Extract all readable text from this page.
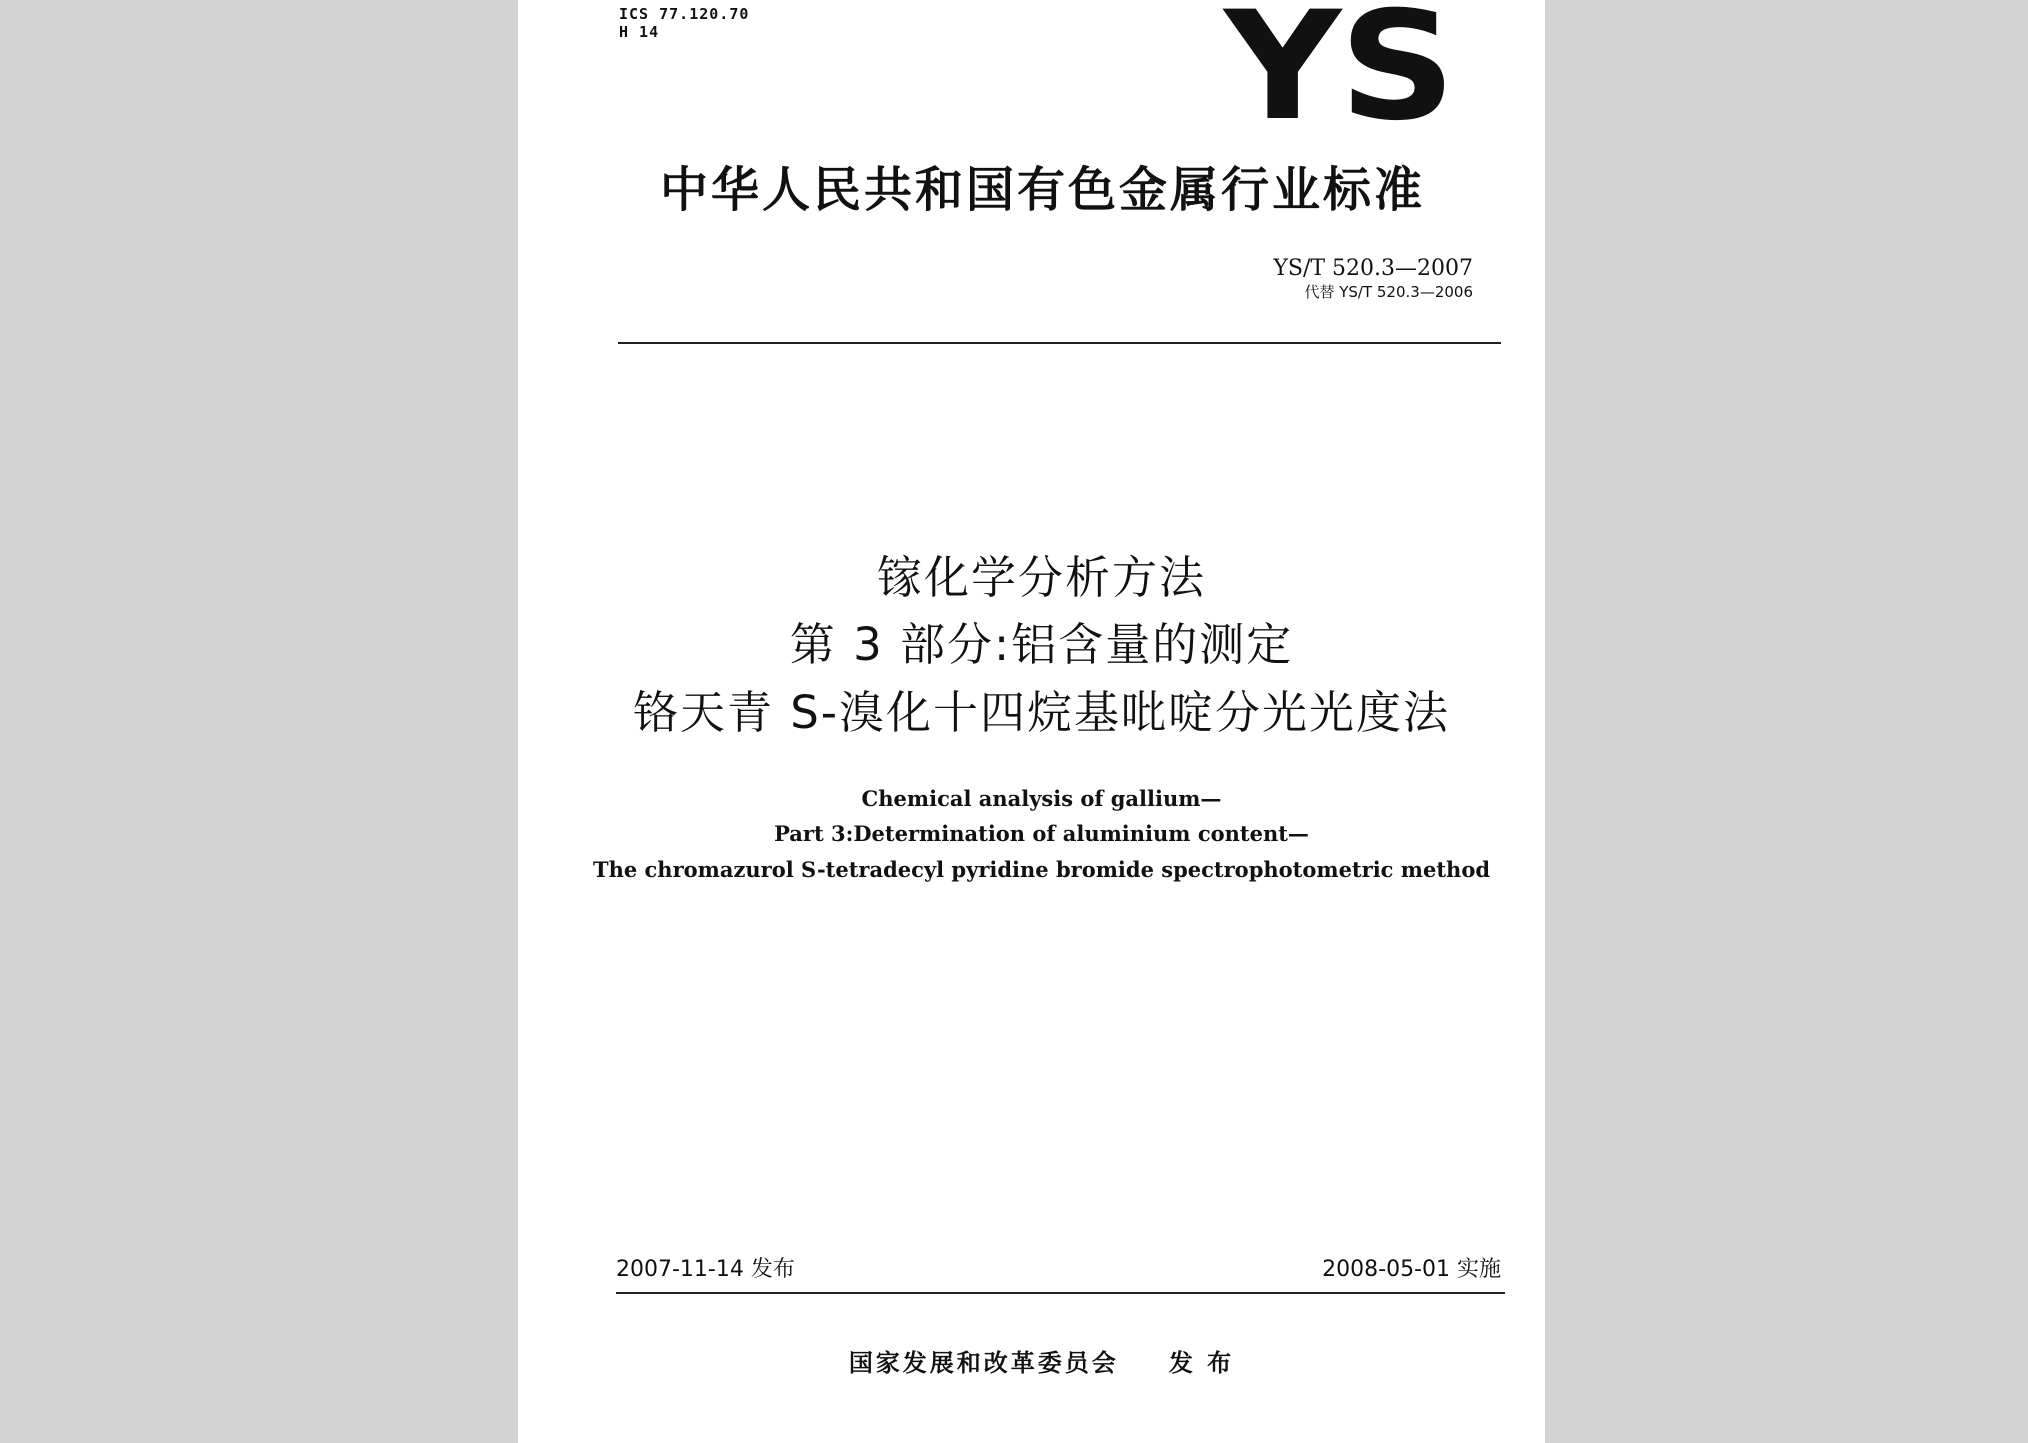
ICS 77.120.70
H 14	YS
中华人民共和国有色金属行业标准
YS/T 520.3—2007
代替 YS/T 520.3—2006
镓化学分析方法
第 3 部分:铝含量的测定
铬天青 S-溴化十四烷基吡啶分光光度法
Chemical analysis of gallium—
Part 3:Determination of aluminium content—
The chromazurol S-tetradecyl pyridine bromide spectrophotometric method
2007-11-14 发布	2008-05-01 实施
国家发展和改革委员会 发 布
